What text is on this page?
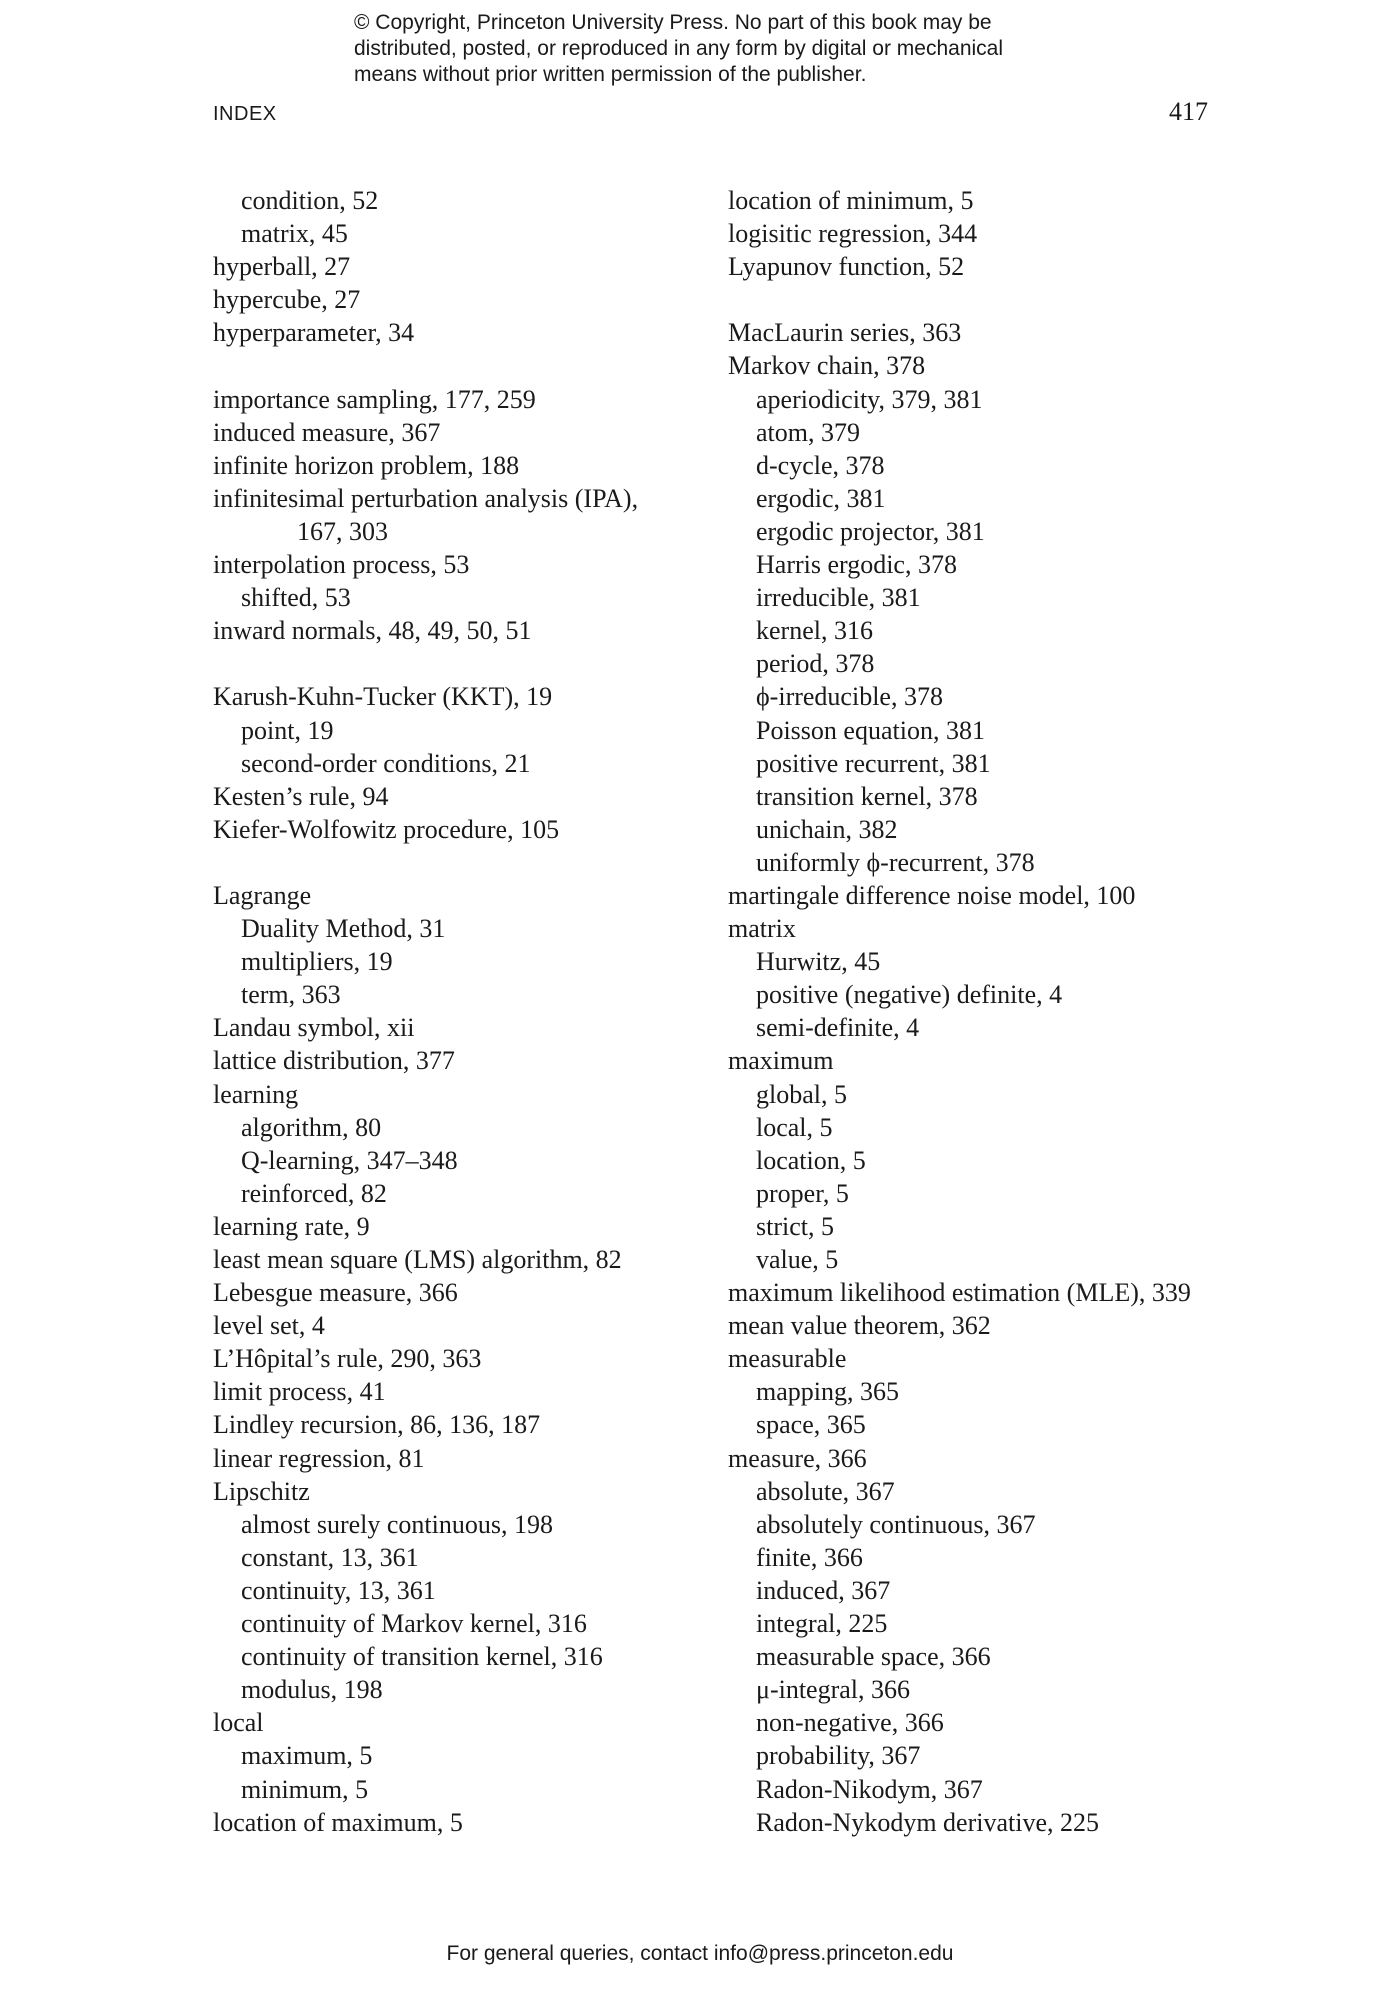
© Copyright, Princeton University Press. No part of this book may be
distributed, posted, or reproduced in any form by digital or mechanical
means without prior written permission of the publisher.
INDEX	417
condition, 52
matrix, 45
hyperball, 27
hypercube, 27
hyperparameter, 34
importance sampling, 177, 259
induced measure, 367
infinite horizon problem, 188
infinitesimal perturbation analysis (IPA),
167, 303
interpolation process, 53
shifted, 53
inward normals, 48, 49, 50, 51
Karush-Kuhn-Tucker (KKT), 19
point, 19
second-order conditions, 21
Kesten’s rule, 94
Kiefer-Wolfowitz procedure, 105
Lagrange
Duality Method, 31
multipliers, 19
term, 363
Landau symbol, xii
lattice distribution, 377
learning
algorithm, 80
Q-learning, 347–348
reinforced, 82
learning rate, 9
least mean square (LMS) algorithm, 82
Lebesgue measure, 366
level set, 4
L’Hôpital’s rule, 290, 363
limit process, 41
Lindley recursion, 86, 136, 187
linear regression, 81
Lipschitz
almost surely continuous, 198
constant, 13, 361
continuity, 13, 361
continuity of Markov kernel, 316
continuity of transition kernel, 316
modulus, 198
local
maximum, 5
minimum, 5
location of maximum, 5
location of minimum, 5
logisitic regression, 344
Lyapunov function, 52
MacLaurin series, 363
Markov chain, 378
aperiodicity, 379, 381
atom, 379
d-cycle, 378
ergodic, 381
ergodic projector, 381
Harris ergodic, 378
irreducible, 381
kernel, 316
period, 378
ϕ-irreducible, 378
Poisson equation, 381
positive recurrent, 381
transition kernel, 378
unichain, 382
uniformly ϕ-recurrent, 378
martingale difference noise model, 100
matrix
Hurwitz, 45
positive (negative) definite, 4
semi-definite, 4
maximum
global, 5
local, 5
location, 5
proper, 5
strict, 5
value, 5
maximum likelihood estimation (MLE), 339
mean value theorem, 362
measurable
mapping, 365
space, 365
measure, 366
absolute, 367
absolutely continuous, 367
finite, 366
induced, 367
integral, 225
measurable space, 366
μ-integral, 366
non-negative, 366
probability, 367
Radon-Nikodym, 367
Radon-Nykodym derivative, 225
For general queries, contact info@press.princeton.edu
